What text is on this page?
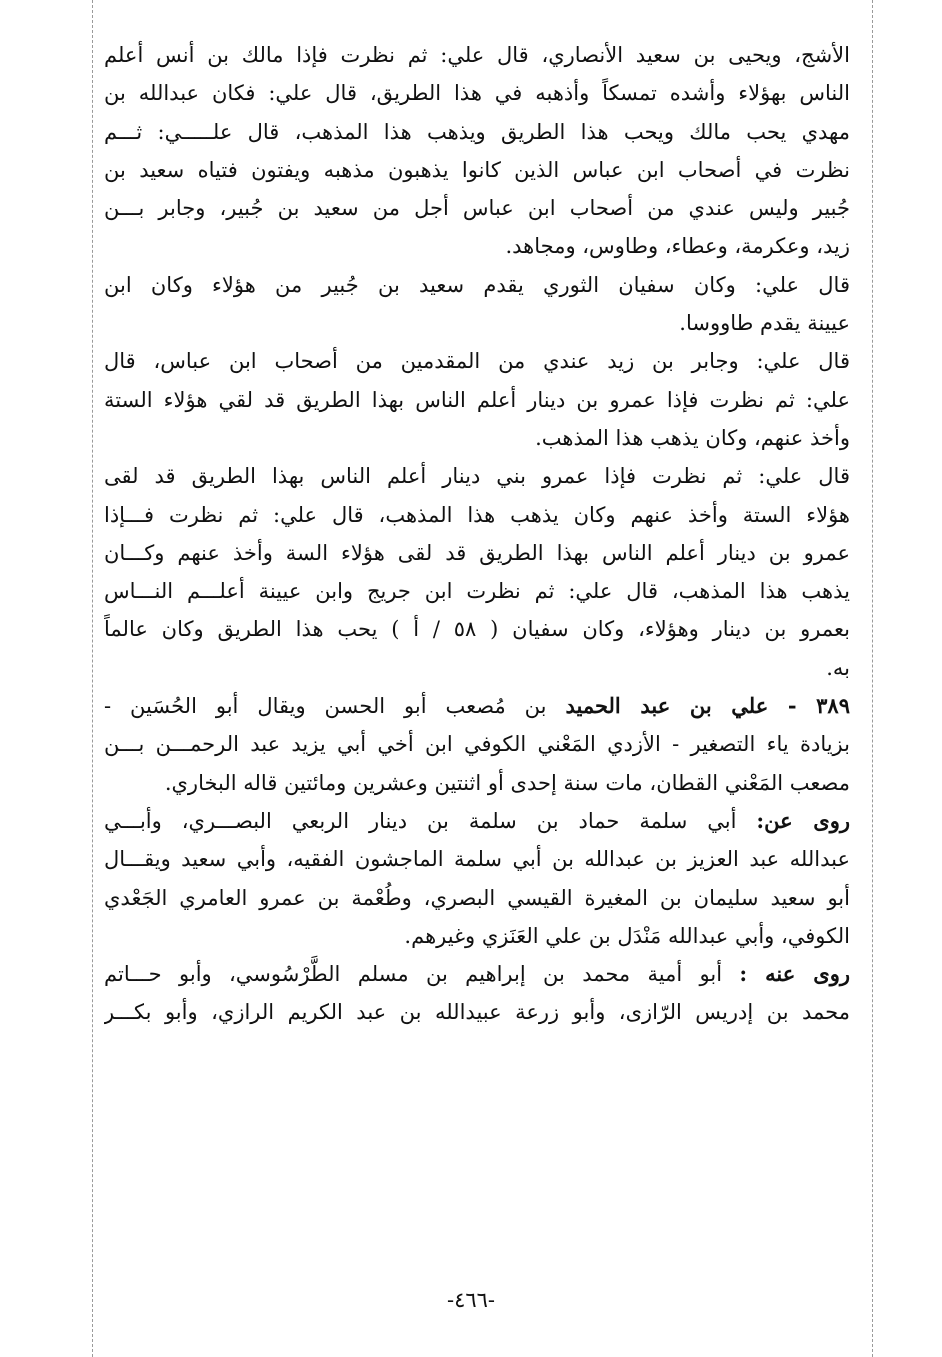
الأشج، ويحيى بن سعيد الأنصاري، قال علي: ثم نظرت فإذا مالك بن أنس أعلم
الناس بهؤلاء وأشده تمسكاً وأذهبه في هذا الطريق، قال علي: فكان عبدالله بن
مهدي يحب مالك ويحب هذا الطريق ويذهب هذا المذهب، قال علـــــي: ثـــم
نظرت في أصحاب ابن عباس الذين كانوا يذهبون مذهبه ويفتون فتياه سعيد بن
جُبير وليس عندي من أصحاب ابن عباس أجل من سعيد بن جُبير، وجابر بـــن
زيد، وعكرمة، وعطاء، وطاوس، ومجاهد.
قال علي: وكان سفيان الثوري يقدم سعيد بن جُبير من هؤلاء وكان ابن
عيينة يقدم طاووسا.
قال علي: وجابر بن زيد عندي من المقدمين من أصحاب ابن عباس، قال
علي: ثم نظرت فإذا عمرو بن دينار أعلم الناس بهذا الطريق قد لقي هؤلاء الستة
وأخذ عنهم، وكان يذهب هذا المذهب.
قال علي: ثم نظرت فإذا عمرو بني دينار أعلم الناس بهذا الطريق قد لقى
هؤلاء الستة وأخذ عنهم وكان يذهب هذا المذهب، قال علي: ثم نظرت فـــإذا
عمرو بن دينار أعلم الناس بهذا الطريق قد لقى هؤلاء السة وأخذ عنهم وكـــان
يذهب هذا المذهب، قال علي: ثم نظرت ابن جريج وابن عيينة أعلـــم النـــاس
بعمرو بن دينار وهؤلاء، وكان سفيان ( ٥٨ / أ ) يحب هذا الطريق وكان عالماً
به.
٣٨٩ - علي بن عبد الحميد بن مُصعب أبو الحسن ويقال أبو الحُسَين -
بزيادة ياء التصغير - الأزدي المَعْني الكوفي ابن أخي أبي يزيد عبد الرحمـــن بـــن
مصعب المَعْني القطان، مات سنة إحدى أو اثنتين وعشرين ومائتين قاله البخاري.
روى عن: أبي سلمة حماد بن سلمة بن دينار الربعي البصـــري، وأبـــي
عبدالله عبد العزيز بن عبدالله بن أبي سلمة الماجشون الفقيه، وأبي سعيد ويقـــال
أبو سعيد سليمان بن المغيرة القيسي البصري، وطُعْمة بن عمرو العامري الجَعْدي
الكوفي، وأبي عبدالله مَنْدَل بن علي العَنَزي وغيرهم.
روى عنه : أبو أمية محمد بن إبراهيم بن مسلم الطَّرْسُوسي، وأبو حـــاتم
محمد بن إدريس الرّازى، وأبو زرعة عبيدالله بن عبد الكريم الرازي، وأبو بكـــر
-٤٦٦-
